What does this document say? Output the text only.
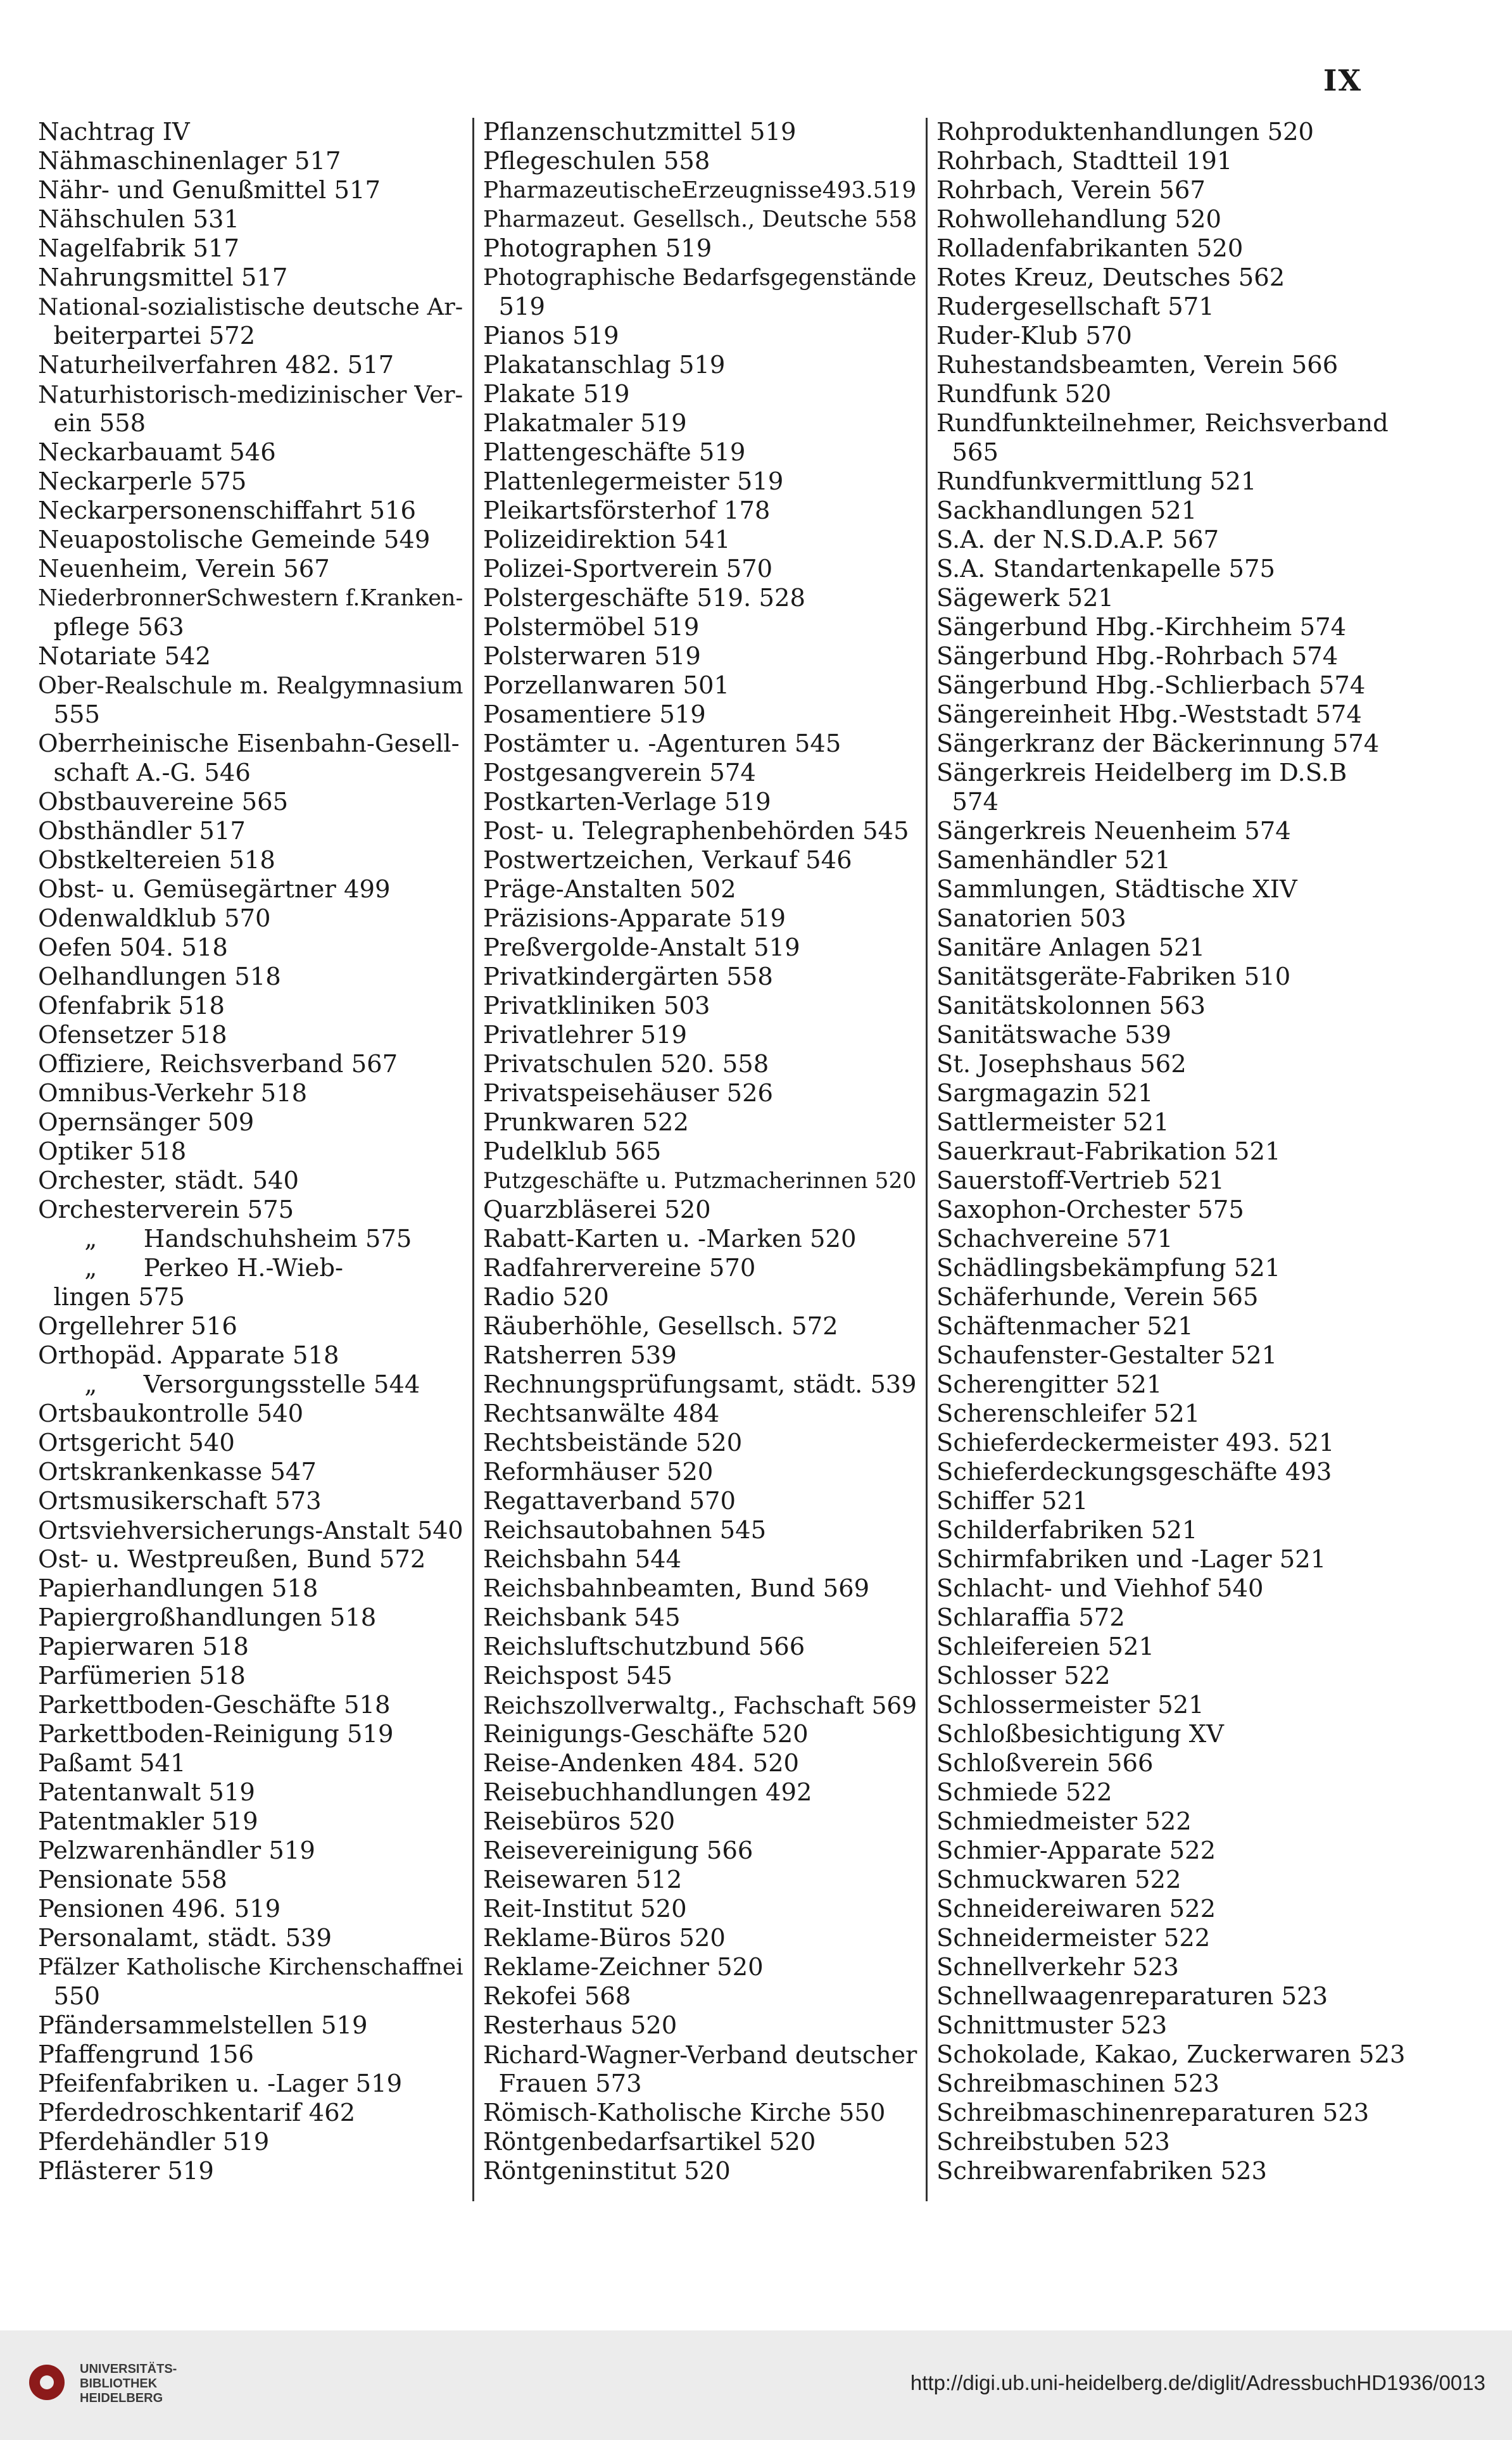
IX
Nachtrag IV
Nähmaschinenlager 517
Nähr- und Genußmittel 517
Nähschulen 531
Nagelfabrik 517
Nahrungsmittel 517
National-sozialistische deutsche Ar-
beiterpartei 572
Naturheilverfahren 482. 517
Naturhistorisch-medizinischer Ver-
ein 558
Neckarbauamt 546
Neckarperle 575
Neckarpersonenschiffahrt 516
Neuapostolische Gemeinde 549
Neuenheim, Verein 567
NiederbronnerSchwestern f.Kranken-
pflege 563
Notariate 542
Ober-Realschule m. Realgymnasium
555
Oberrheinische Eisenbahn-Gesell-
schaft A.-G. 546
Obstbauvereine 565
Obsthändler 517
Obstkeltereien 518
Obst- u. Gemüsegärtner 499
Odenwaldklub 570
Oefen 504. 518
Oelhandlungen 518
Ofenfabrik 518
Ofensetzer 518
Offiziere, Reichsverband 567
Omnibus-Verkehr 518
Opernsänger 509
Optiker 518
Orchester, städt. 540
Orchesterverein 575
„      Handschuhsheim 575
„      Perkeo H.-Wieb-
lingen 575
Orgellehrer 516
Orthopäd. Apparate 518
„      Versorgungsstelle 544
Ortsbaukontrolle 540
Ortsgericht 540
Ortskrankenkasse 547
Ortsmusikerschaft 573
Ortsviehversicherungs-Anstalt 540
Ost- u. Westpreußen, Bund 572
Papierhandlungen 518
Papiergroßhandlungen 518
Papierwaren 518
Parfümerien 518
Parkettboden-Geschäfte 518
Parkettboden-Reinigung 519
Paßamt 541
Patentanwalt 519
Patentmakler 519
Pelzwarenhändler 519
Pensionate 558
Pensionen 496. 519
Personalamt, städt. 539
Pfälzer Katholische Kirchenschaffnei
550
Pfändersammelstellen 519
Pfaffengrund 156
Pfeifenfabriken u. -Lager 519
Pferdedroschkentarif 462
Pferdehändler 519
Pflästerer 519
Pflanzenschutzmittel 519
Pflegeschulen 558
PharmazeutischeErzeugnisse493.519
Pharmazeut. Gesellsch., Deutsche 558
Photographen 519
Photographische Bedarfsgegenstände
519
Pianos 519
Plakatanschlag 519
Plakate 519
Plakatmaler 519
Plattengeschäfte 519
Plattenlegermeister 519
Pleikartsförsterhof 178
Polizeidirektion 541
Polizei-Sportverein 570
Polstergeschäfte 519. 528
Polstermöbel 519
Polsterwaren 519
Porzellanwaren 501
Posamentiere 519
Postämter u. -Agenturen 545
Postgesangverein 574
Postkarten-Verlage 519
Post- u. Telegraphenbehörden 545
Postwertzeichen, Verkauf 546
Präge-Anstalten 502
Präzisions-Apparate 519
Preßvergolde-Anstalt 519
Privatkindergärten 558
Privatkliniken 503
Privatlehrer 519
Privatschulen 520. 558
Privatspeisehäuser 526
Prunkwaren 522
Pudelklub 565
Putzgeschäfte u. Putzmacherinnen 520
Quarzbläserei 520
Rabatt-Karten u. -Marken 520
Radfahrervereine 570
Radio 520
Räuberhöhle, Gesellsch. 572
Ratsherren 539
Rechnungsprüfungsamt, städt. 539
Rechtsanwälte 484
Rechtsbeistände 520
Reformhäuser 520
Regattaverband 570
Reichsautobahnen 545
Reichsbahn 544
Reichsbahnbeamten, Bund 569
Reichsbank 545
Reichsluftschutzbund 566
Reichspost 545
Reichszollverwaltg., Fachschaft 569
Reinigungs-Geschäfte 520
Reise-Andenken 484. 520
Reisebuchhandlungen 492
Reisebüros 520
Reisevereinigung 566
Reisewaren 512
Reit-Institut 520
Reklame-Büros 520
Reklame-Zeichner 520
Rekofei 568
Resterhaus 520
Richard-Wagner-Verband deutscher
Frauen 573
Römisch-Katholische Kirche 550
Röntgenbedarfsartikel 520
Röntgeninstitut 520
Rohproduktenhandlungen 520
Rohrbach, Stadtteil 191
Rohrbach, Verein 567
Rohwollehandlung 520
Rolladenfabrikanten 520
Rotes Kreuz, Deutsches 562
Rudergesellschaft 571
Ruder-Klub 570
Ruhestandsbeamten, Verein 566
Rundfunk 520
Rundfunkteilnehmer, Reichsverband
565
Rundfunkvermittlung 521
Sackhandlungen 521
S.A. der N.S.D.A.P. 567
S.A. Standartenkapelle 575
Sägewerk 521
Sängerbund Hbg.-Kirchheim 574
Sängerbund Hbg.-Rohrbach 574
Sängerbund Hbg.-Schlierbach 574
Sängereinheit Hbg.-Weststadt 574
Sängerkranz der Bäckerinnung 574
Sängerkreis Heidelberg im D.S.B
574
Sängerkreis Neuenheim 574
Samenhändler 521
Sammlungen, Städtische XIV
Sanatorien 503
Sanitäre Anlagen 521
Sanitätsgeräte-Fabriken 510
Sanitätskolonnen 563
Sanitätswache 539
St. Josephshaus 562
Sargmagazin 521
Sattlermeister 521
Sauerkraut-Fabrikation 521
Sauerstoff-Vertrieb 521
Saxophon-Orchester 575
Schachvereine 571
Schädlingsbekämpfung 521
Schäferhunde, Verein 565
Schäftenmacher 521
Schaufenster-Gestalter 521
Scherengitter 521
Scherenschleifer 521
Schieferdeckermeister 493. 521
Schieferdeckungsgeschäfte 493
Schiffer 521
Schilderfabriken 521
Schirmfabriken und -Lager 521
Schlacht- und Viehhof 540
Schlaraffia 572
Schleifereien 521
Schlosser 522
Schlossermeister 521
Schloßbesichtigung XV
Schloßverein 566
Schmiede 522
Schmiedmeister 522
Schmier-Apparate 522
Schmuckwaren 522
Schneidereiwaren 522
Schneidermeister 522
Schnellverkehr 523
Schnellwaagenreparaturen 523
Schnittmuster 523
Schokolade, Kakao, Zuckerwaren 523
Schreibmaschinen 523
Schreibmaschinenreparaturen 523
Schreibstuben 523
Schreibwarenfabriken 523
UNIVERSITÄTS-
BIBLIOTHEK
HEIDELBERG
http://digi.ub.uni-heidelberg.de/diglit/AdressbuchHD1936/0013
